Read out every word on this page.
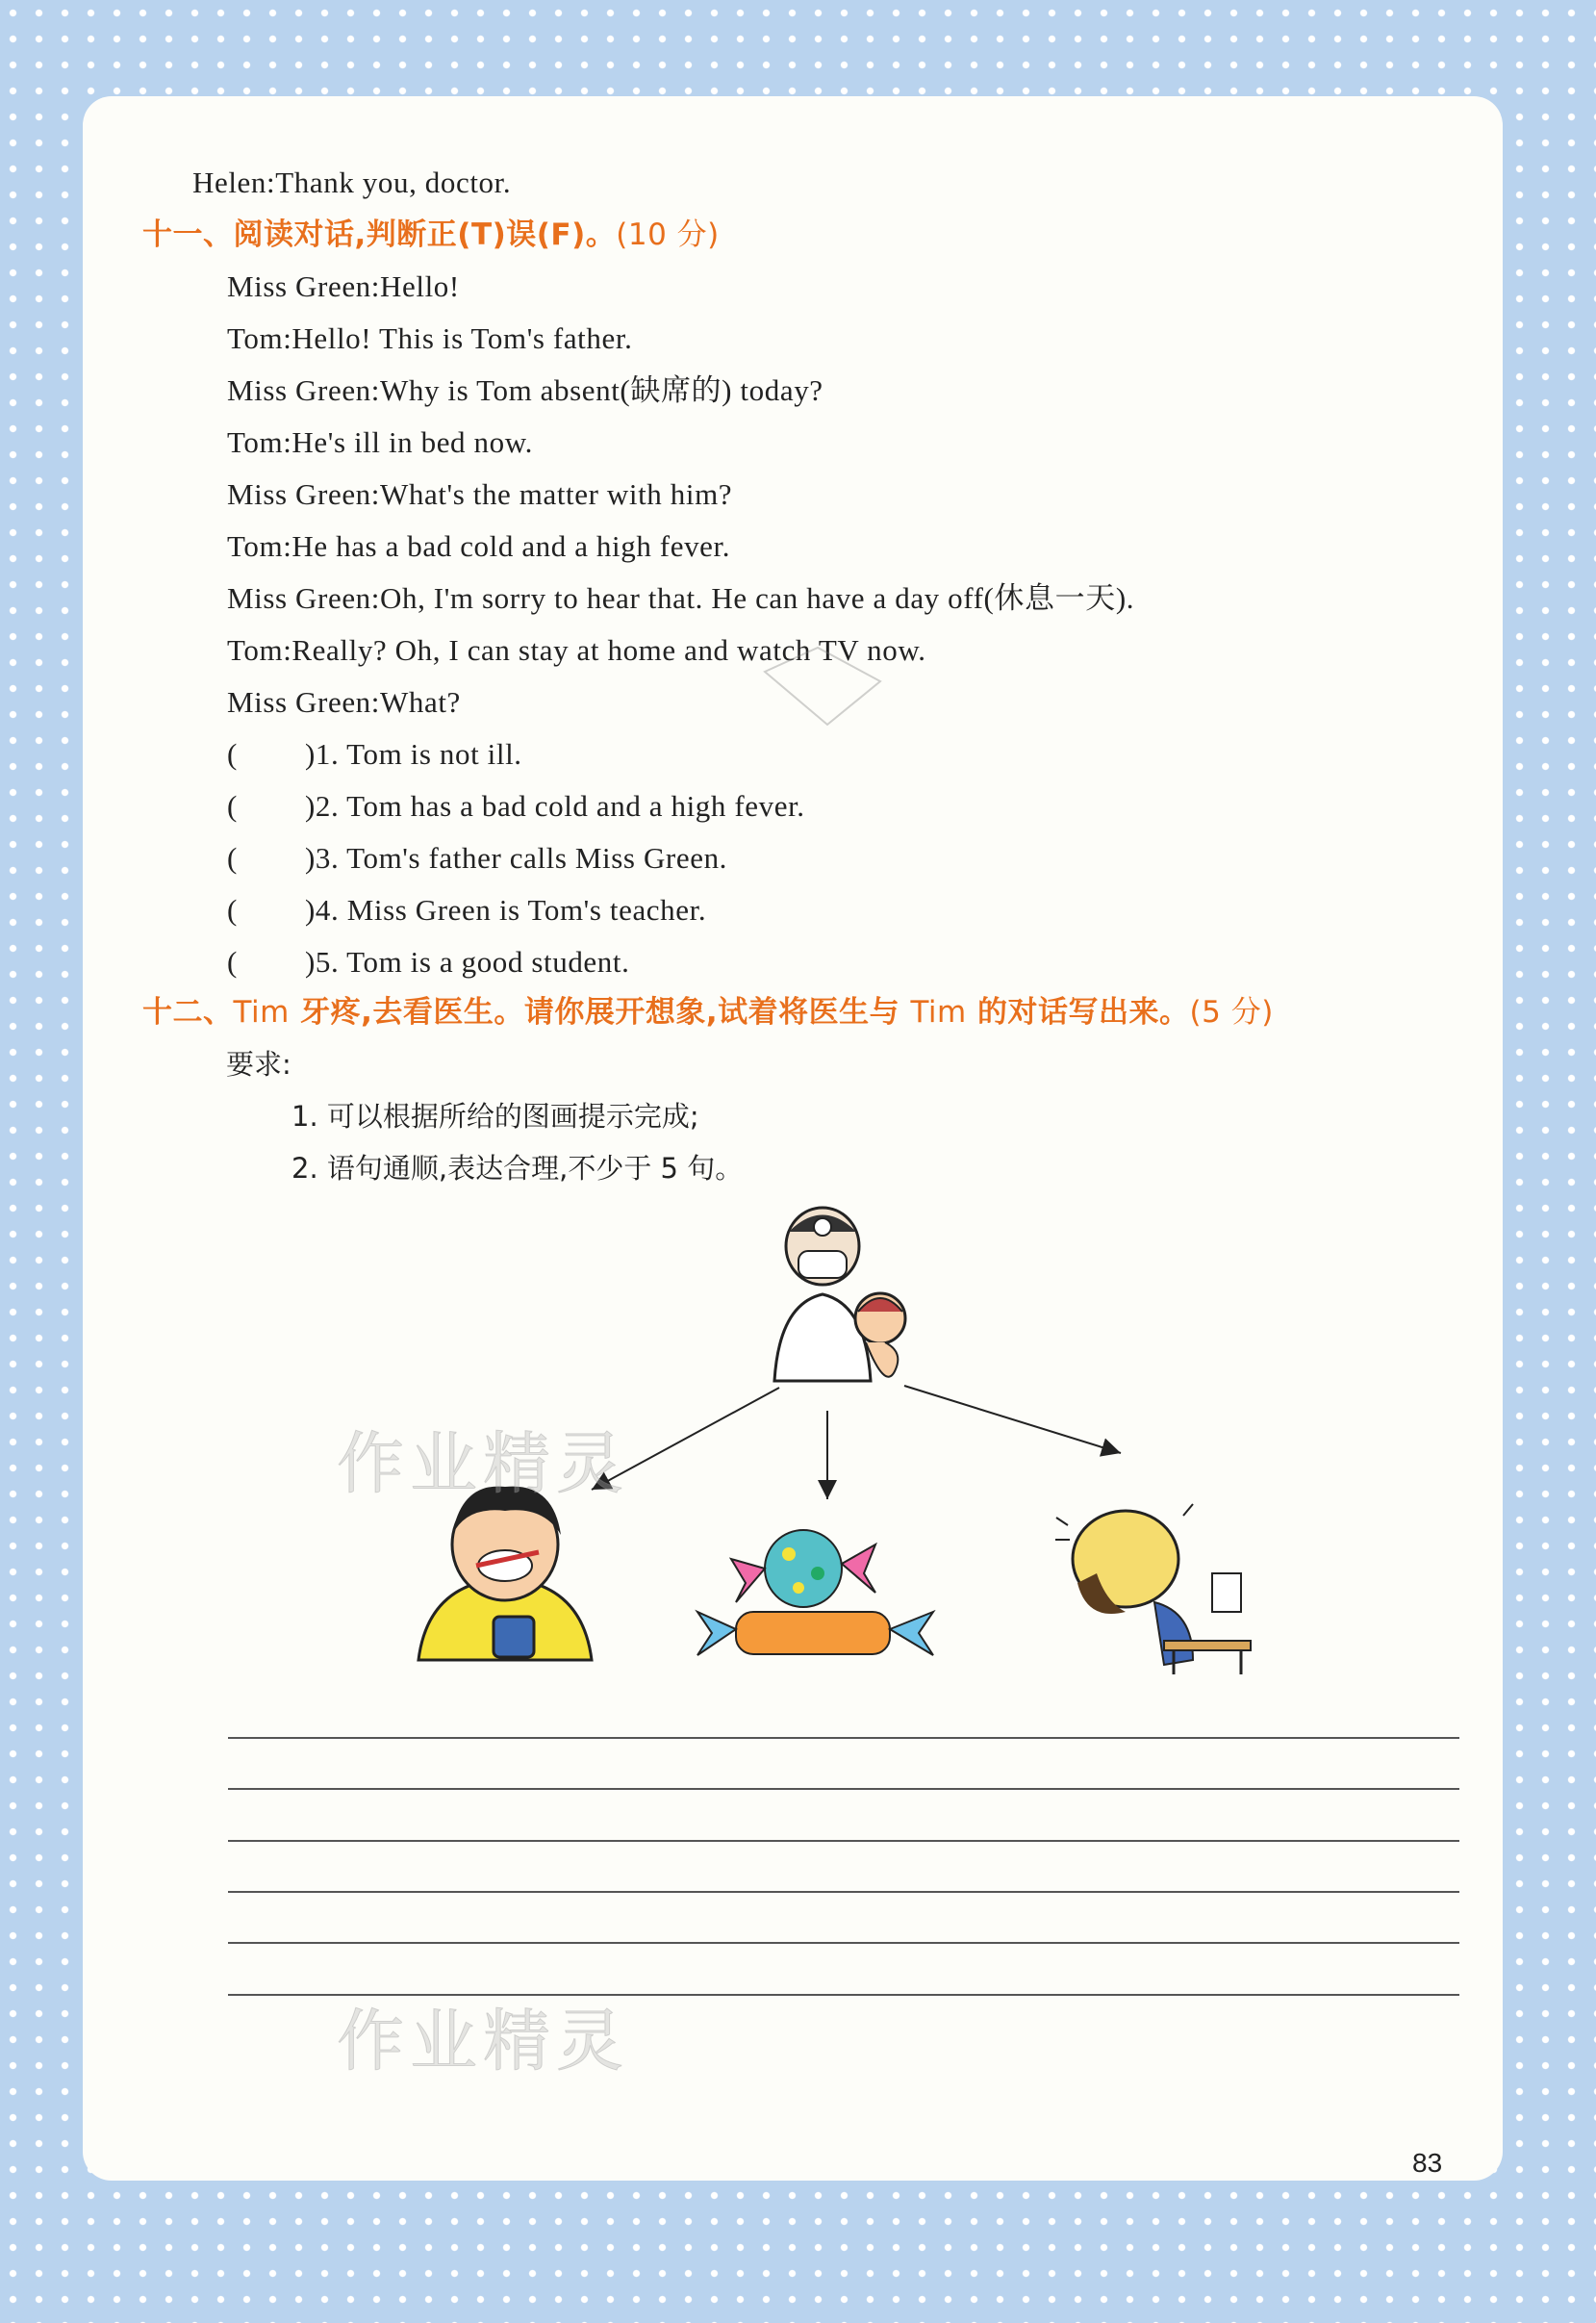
Helen:Thank you, doctor.
十一、阅读对话,判断正(T)误(F)。(10 分)
Miss Green:Hello!
Tom:Hello! This is Tom's father.
Miss Green:Why is Tom absent(缺席的) today?
Tom:He's ill in bed now.
Miss Green:What's the matter with him?
Tom:He has a bad cold and a high fever.
Miss Green:Oh, I'm sorry to hear that. He can have a day off(休息一天).
Tom:Really? Oh, I can stay at home and watch TV now.
Miss Green:What?
( )1. Tom is not ill.
( )2. Tom has a bad cold and a high fever.
( )3. Tom's father calls Miss Green.
( )4. Miss Green is Tom's teacher.
( )5. Tom is a good student.
十二、Tim 牙疼,去看医生。请你展开想象,试着将医生与 Tim 的对话写出来。(5 分)
要求:
1. 可以根据所给的图画提示完成;
2. 语句通顺,表达合理,不少于 5 句。
作业精灵
作业精灵
83
